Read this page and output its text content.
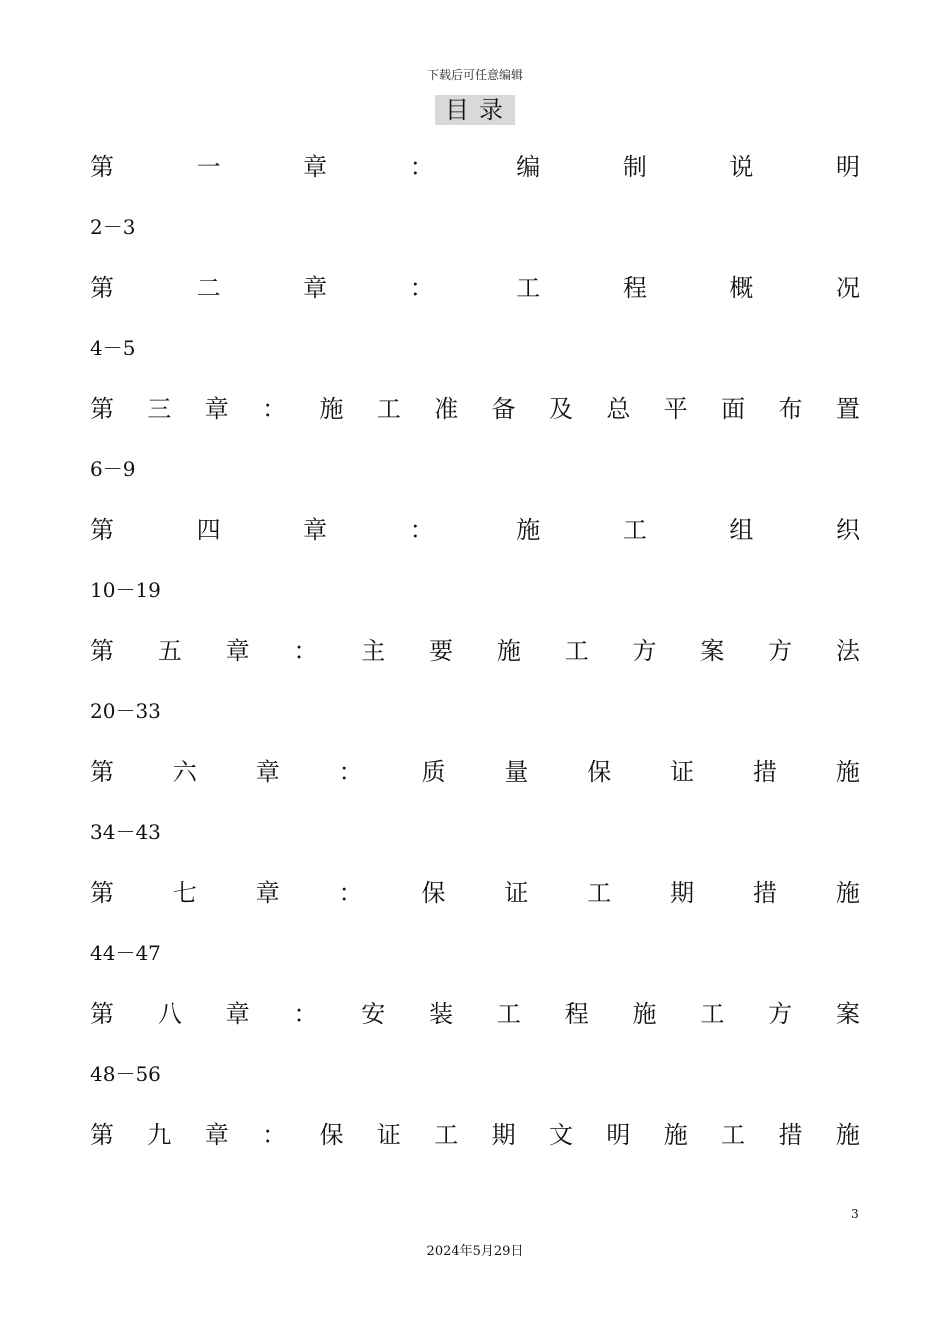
下载后可任意编辑
目录
第	一	章	：	编	制	说	明
2－3
第	二	章	：	工	程	概	况
4－5
第 三 章 ： 施 工 准 备 及 总 平 面 布 置
6－9
第	四	章	：	施	工	组	织
10－19
第 五 章 ： 主 要 施 工 方 案 方 法
20－33
第 六 章 ： 质 量 保 证 措 施
34－43
第 七 章 ： 保 证 工 期 措 施
44－47
第 八 章 ： 安 装 工 程 施 工 方 案
48－56
第 九 章 ： 保 证 工 期 文 明 施 工 措 施
3
2024年5月29日
